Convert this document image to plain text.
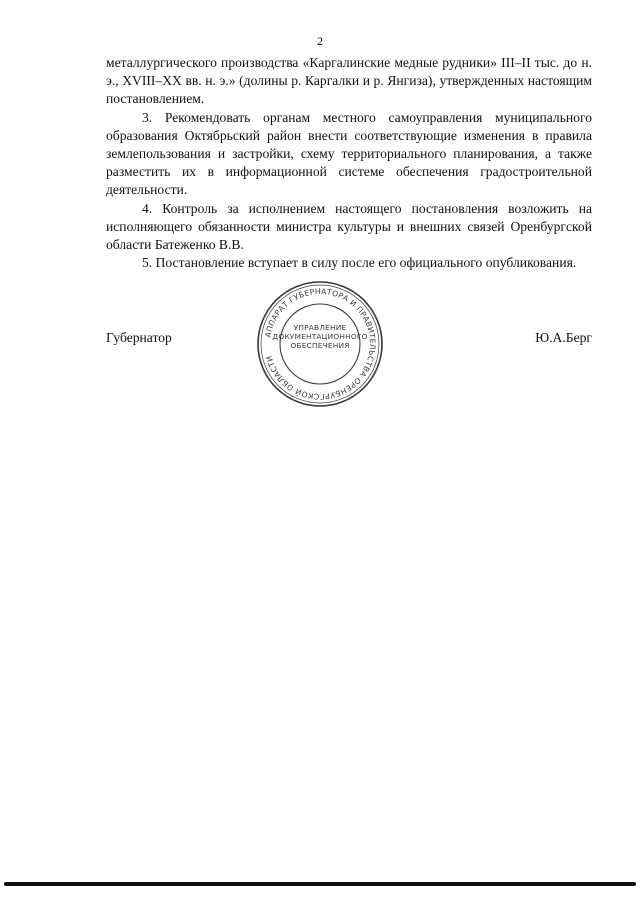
2

металлургического производства «Каргалинские медные рудники» III–II тыс. до н. э., XVIII–XX вв. н. э.» (долины р. Каргалки и р. Янгиза), утвержденных настоящим постановлением.

3. Рекомендовать органам местного самоуправления муниципального образования Октябрьский район внести соответствующие изменения в правила землепользования и застройки, схему территориального планирования, а также разместить их в информационной системе обеспечения градостроительной деятельности.

4. Контроль за исполнением настоящего постановления возложить на исполняющего обязанности министра культуры и внешних связей Оренбургской области Батеженко В.В.

5. Постановление вступает в силу после его официального опубликования.

Губернатор	Ю.А.Берг
АППАРАТ ГУБЕРНАТОРА И ПРАВИТЕЛЬСТВА ОРЕНБУРГСКОЙ ОБЛАСТИ
УПРАВЛЕНИЕ
ДОКУМЕНТАЦИОННОГО
ОБЕСПЕЧЕНИЯ
